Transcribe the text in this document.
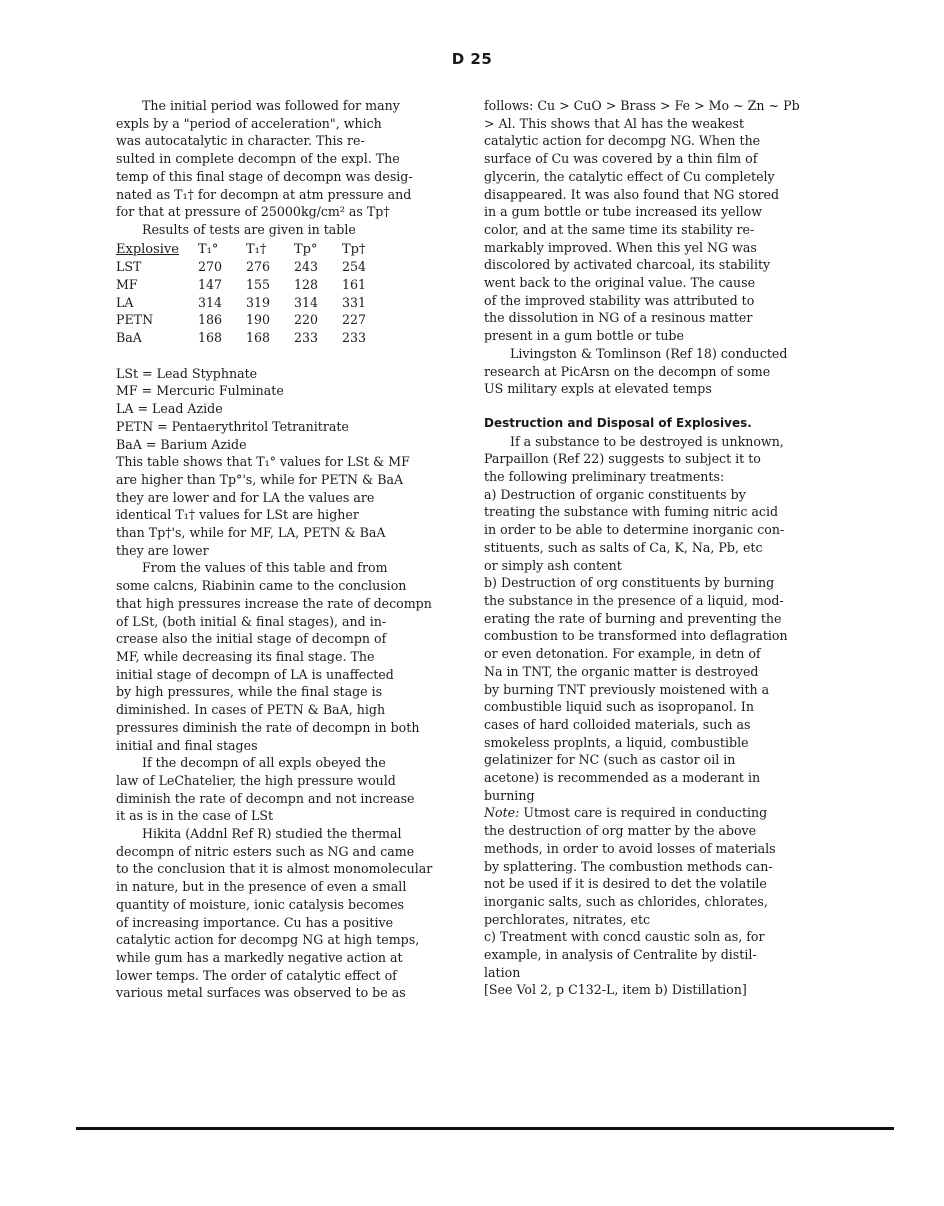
D 25

The initial period was followed for many
expls by a "period of acceleration", which
was autocatalytic in character. This re-
sulted in complete decompn of the expl. The
temp of this final stage of decompn was desig-
nated as T₁† for decompn at atm pressure and
for that at pressure of 25000kg/cm² as Tp†

Results of tests are given in table

Explosive	T₁°	T₁†	Tp°	Tp†
LST	270	276	243	254
MF	147	155	128	161
LA	314	319	314	331
PETN	186	190	220	227
BaA	168	168	233	233
LSt = Lead Styphnate
MF = Mercuric Fulminate
LA = Lead Azide
PETN = Pentaerythritol Tetranitrate
BaA = Barium Azide

This table shows that T₁° values for LSt & MF
are higher than Tp°'s, while for PETN & BaA
they are lower and for LA the values are
identical T₁† values for LSt are higher
than Tp†'s, while for MF, LA, PETN & BaA
they are lower

From the values of this table and from
some calcns, Riabinin came to the conclusion
that high pressures increase the rate of decompn
of LSt, (both initial & final stages), and in-
crease also the initial stage of decompn of
MF, while decreasing its final stage. The
initial stage of decompn of LA is unaffected
by high pressures, while the final stage is
diminished. In cases of PETN & BaA, high
pressures diminish the rate of decompn in both
initial and final stages

If the decompn of all expls obeyed the
law of LeChatelier, the high pressure would
diminish the rate of decompn and not increase
it as is in the case of LSt

Hikita (Addnl Ref R) studied the thermal
decompn of nitric esters such as NG and came
to the conclusion that it is almost monomolecular
in nature, but in the presence of even a small
quantity of moisture, ionic catalysis becomes
of increasing importance. Cu has a positive
catalytic action for decompg NG at high temps,
while gum has a markedly negative action at
lower temps. The order of catalytic effect of
various metal surfaces was observed to be as

follows: Cu > CuO > Brass > Fe > Mo ~ Zn ~ Pb
> Al. This shows that Al has the weakest
catalytic action for decompg NG. When the
surface of Cu was covered by a thin film of
glycerin, the catalytic effect of Cu completely
disappeared. It was also found that NG stored
in a gum bottle or tube increased its yellow
color, and at the same time its stability re-
markably improved. When this yel NG was
discolored by activated charcoal, its stability
went back to the original value. The cause
of the improved stability was attributed to
the dissolution in NG of a resinous matter
present in a gum bottle or tube

Livingston & Tomlinson (Ref 18) conducted
research at PicArsn on the decompn of some
US military expls at elevated temps

Destruction and Disposal of Explosives.

If a substance to be destroyed is unknown,
Parpaillon (Ref 22) suggests to subject it to
the following preliminary treatments:
a) Destruction of organic constituents by
treating the substance with fuming nitric acid
in order to be able to determine inorganic con-
stituents, such as salts of Ca, K, Na, Pb, etc
or simply ash content
b) Destruction of org constituents by burning
the substance in the presence of a liquid, mod-
erating the rate of burning and preventing the
combustion to be transformed into deflagration
or even detonation. For example, in detn of
Na in TNT, the organic matter is destroyed
by burning TNT previously moistened with a
combustible liquid such as isopropanol. In
cases of hard colloided materials, such as
smokeless proplnts, a liquid, combustible
gelatinizer for NC (such as castor oil in
acetone) is recommended as a moderant in
burning

Note: Utmost care is required in conducting
the destruction of org matter by the above
methods, in order to avoid losses of materials
by splattering. The combustion methods can-
not be used if it is desired to det the volatile
inorganic salts, such as chlorides, chlorates,
perchlorates, nitrates, etc

c) Treatment with concd caustic soln as, for
example, in analysis of Centralite by distil-
lation
[See Vol 2, p C132-L, item b) Distillation]
